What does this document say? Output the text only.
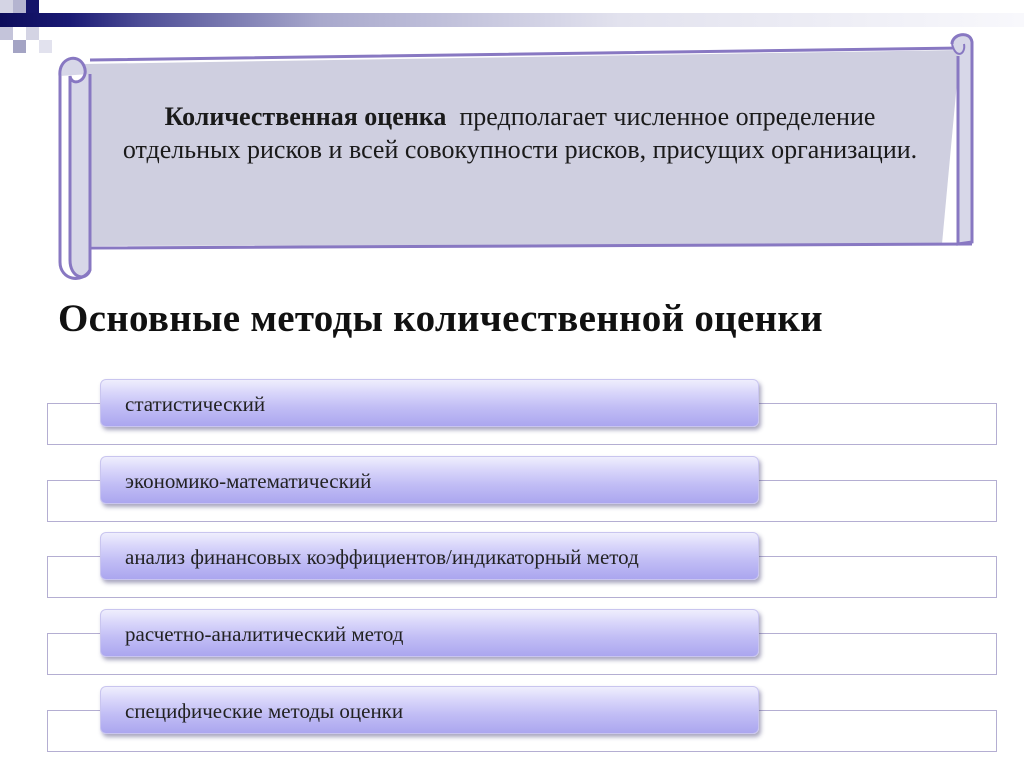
Количественная оценка предполагает численное определение отдельных рисков и всей совокупности рисков, присущих организации.

Основные методы количественной оценки
статистический
экономико-математический
анализ финансовых коэффициентов/индикаторный метод
расчетно-аналитический метод
специфические методы оценки
